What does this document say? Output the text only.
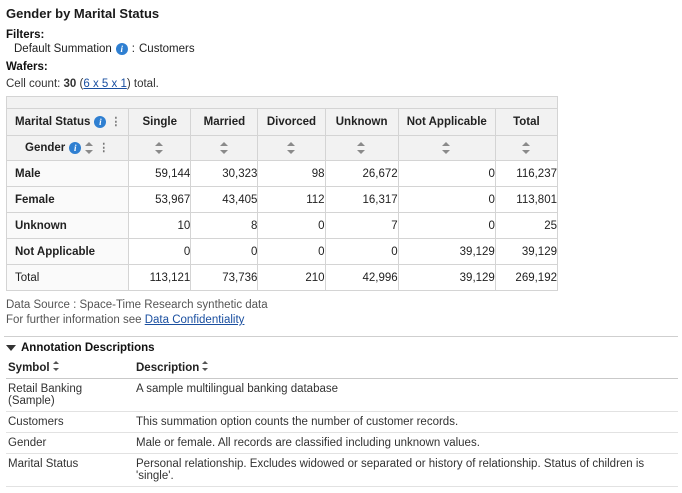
Gender by Marital Status
Filters:
Default Summation i : Customers
Wafers:
Cell count: 30 (6 x 5 x 1) total.
Marital Status i ⋮	Single	Married	Divorced	Unknown	Not Applicable	Total

Gender i ⋮						

Male	59,144	30,323	98	26,672	0	116,237
Female	53,967	43,405	112	16,317	0	113,801
Unknown	10	8	0	7	0	25
Not Applicable	0	0	0	0	39,129	39,129
Total	113,121	73,736	210	42,996	39,129	269,192
Data Source : Space-Time Research synthetic data
For further information see Data Confidentiality
Annotation Descriptions
Symbol	Description
Retail Banking (Sample)	A sample multilingual banking database
Customers	This summation option counts the number of customer records.
Gender	Male or female. All records are classified including unknown values.
Marital Status	Personal relationship. Excludes widowed or separated or history of relationship. Status of children is 'single'.
